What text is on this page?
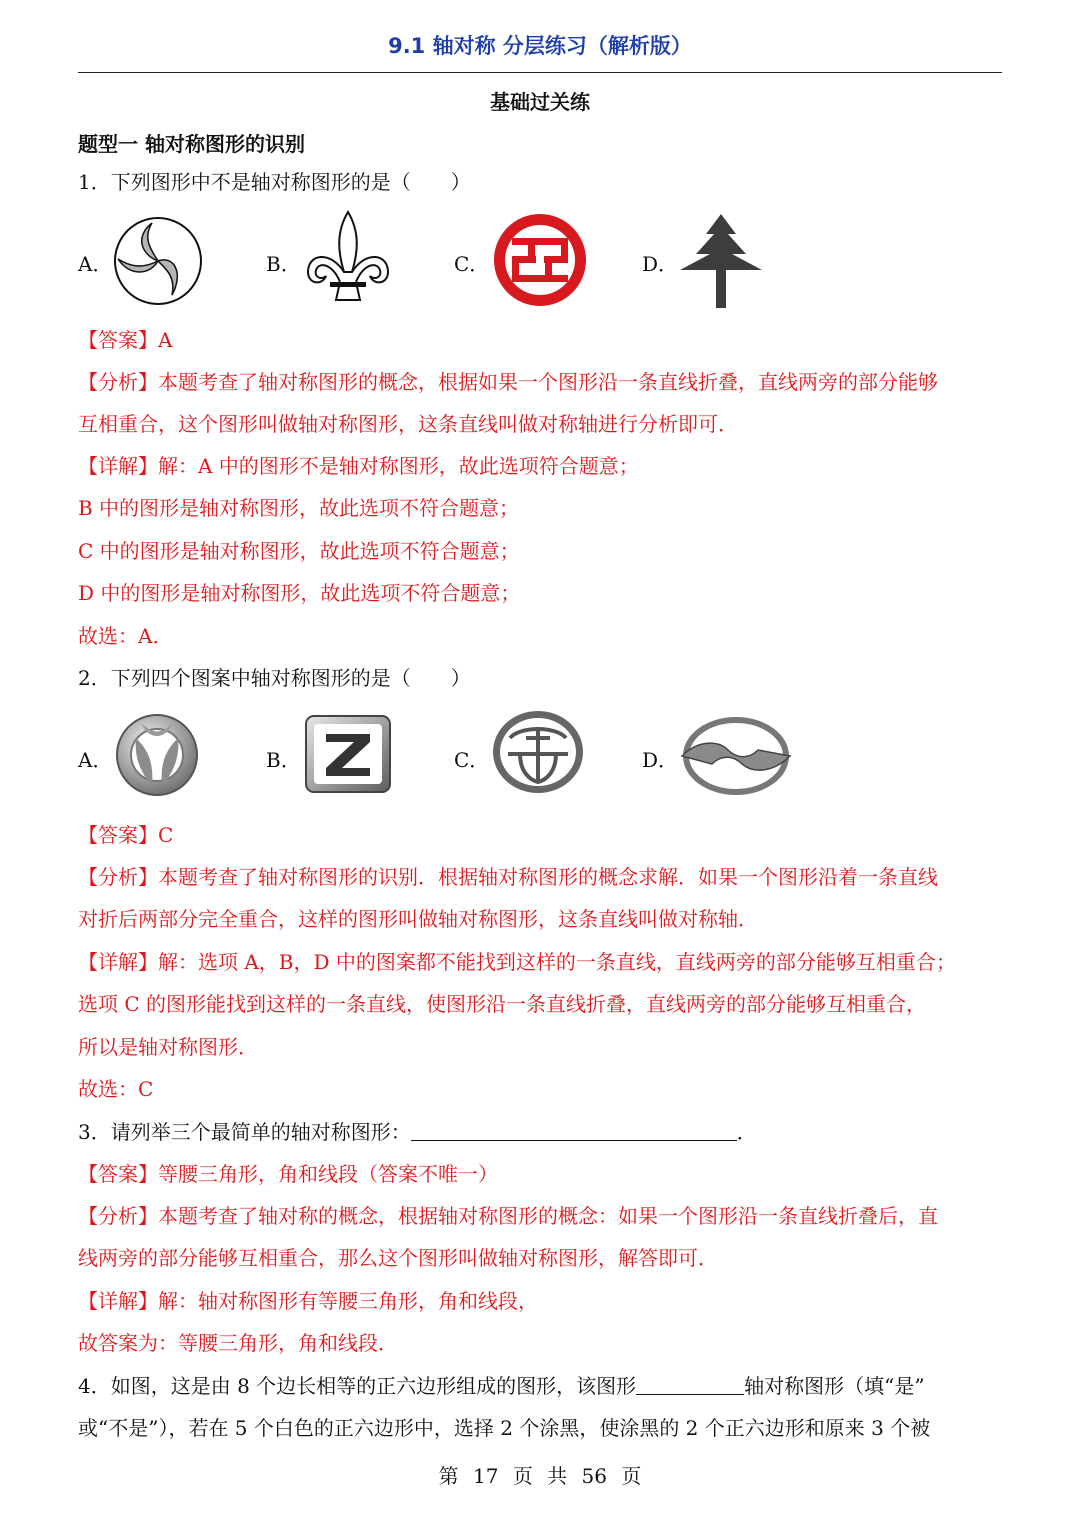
9.1 轴对称 分层练习（解析版）
基础过关练
题型一 轴对称图形的识别
1．下列图形中不是轴对称图形的是（　　）
A．	B．	C．	D．
【答案】A
【分析】本题考查了轴对称图形的概念，根据如果一个图形沿一条直线折叠，直线两旁的部分能够
互相重合，这个图形叫做轴对称图形，这条直线叫做对称轴进行分析即可．
【详解】解：A 中的图形不是轴对称图形，故此选项符合题意；
B 中的图形是轴对称图形，故此选项不符合题意；
C 中的图形是轴对称图形，故此选项不符合题意；
D 中的图形是轴对称图形，故此选项不符合题意；
故选：A．
2．下列四个图案中轴对称图形的是（　　）
A．	B．	C．	D．
【答案】C
【分析】本题考查了轴对称图形的识别．根据轴对称图形的概念求解．如果一个图形沿着一条直线
对折后两部分完全重合，这样的图形叫做轴对称图形，这条直线叫做对称轴．
【详解】解：选项 A，B，D 中的图案都不能找到这样的一条直线，直线两旁的部分能够互相重合；
选项 C 的图形能找到这样的一条直线，使图形沿一条直线折叠，直线两旁的部分能够互相重合，
所以是轴对称图形．
故选：C
3．请列举三个最简单的轴对称图形：	．
【答案】等腰三角形，角和线段（答案不唯一）
【分析】本题考查了轴对称的概念，根据轴对称图形的概念：如果一个图形沿一条直线折叠后，直
线两旁的部分能够互相重合，那么这个图形叫做轴对称图形，解答即可．
【详解】解：轴对称图形有等腰三角形，角和线段，
故答案为：等腰三角形，角和线段．
4．如图，这是由 8 个边长相等的正六边形组成的图形，该图形	轴对称图形（填“是”
或“不是”），若在 5 个白色的正六边形中，选择 2 个涂黑，使涂黑的 2 个正六边形和原来 3 个被
第 17 页 共 56 页
